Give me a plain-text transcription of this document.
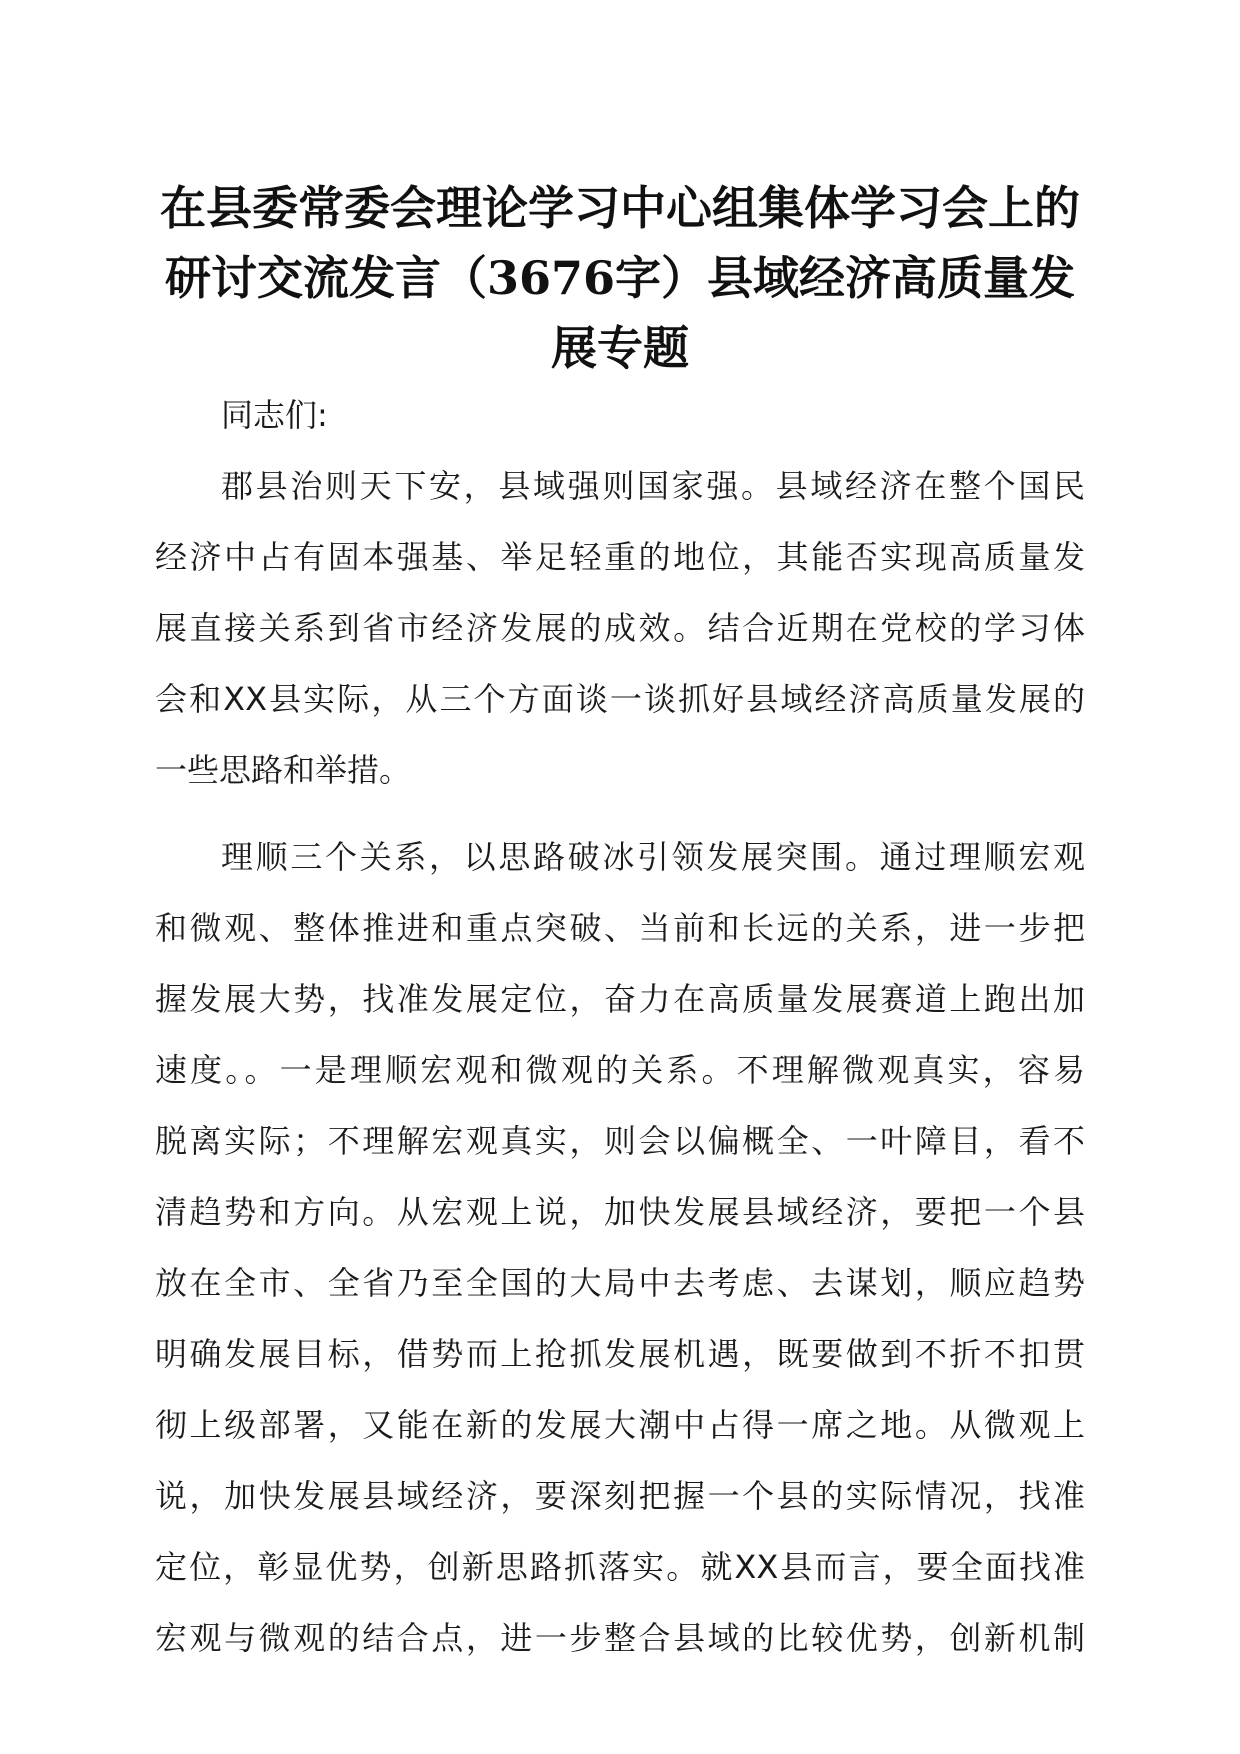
在县委常委会理论学习中心组集体学习会上的
研讨交流发言（3676字）县域经济高质量发
展专题
同志们:
郡县治则天下安，县域强则国家强。县域经济在整个国民
经济中占有固本强基、举足轻重的地位，其能否实现高质量发
展直接关系到省市经济发展的成效。结合近期在党校的学习体
会和XX县实际，从三个方面谈一谈抓好县域经济高质量发展的
一些思路和举措。
理顺三个关系，以思路破冰引领发展突围。通过理顺宏观
和微观、整体推进和重点突破、当前和长远的关系，进一步把
握发展大势，找准发展定位，奋力在高质量发展赛道上跑出加
速度。。一是理顺宏观和微观的关系。不理解微观真实，容易
脱离实际；不理解宏观真实，则会以偏概全、一叶障目，看不
清趋势和方向。从宏观上说，加快发展县域经济，要把一个县
放在全市、全省乃至全国的大局中去考虑、去谋划，顺应趋势
明确发展目标，借势而上抢抓发展机遇，既要做到不折不扣贯
彻上级部署，又能在新的发展大潮中占得一席之地。从微观上
说，加快发展县域经济，要深刻把握一个县的实际情况，找准
定位，彰显优势，创新思路抓落实。就XX县而言，要全面找准
宏观与微观的结合点，进一步整合县域的比较优势，创新机制
